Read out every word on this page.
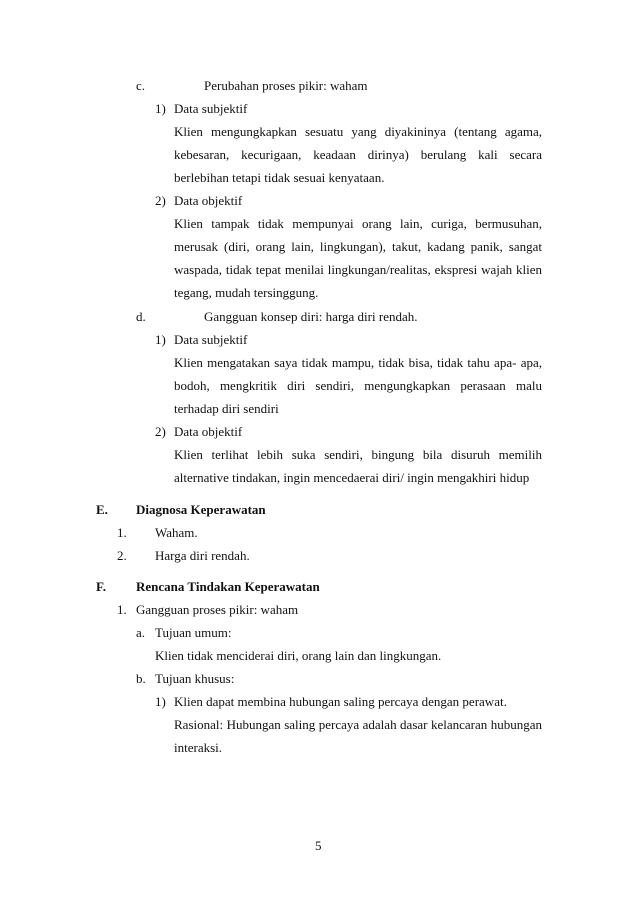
c.	Perubahan proses pikir: waham
1) Data subjektif
Klien mengungkapkan sesuatu yang diyakininya (tentang agama,
kebesaran, kecurigaan, keadaan dirinya) berulang kali secara
berlebihan tetapi tidak sesuai kenyataan.
2) Data objektif
Klien tampak tidak mempunyai orang lain, curiga, bermusuhan,
merusak (diri, orang lain, lingkungan), takut, kadang panik, sangat
waspada, tidak tepat menilai lingkungan/realitas, ekspresi wajah klien
tegang, mudah tersinggung.
d.	Gangguan konsep diri: harga diri rendah.
1) Data subjektif
Klien mengatakan saya tidak mampu, tidak bisa, tidak tahu apa- apa,
bodoh, mengkritik diri sendiri, mengungkapkan perasaan malu
terhadap diri sendiri
2) Data objektif
Klien terlihat lebih suka sendiri, bingung bila disuruh memilih
alternative tindakan, ingin mencedaerai diri/ ingin mengakhiri hidup
E. Diagnosa Keperawatan
1. Waham.
2. Harga diri rendah.
F. Rencana Tindakan Keperawatan
1. Gangguan proses pikir: waham
a. Tujuan umum:
Klien tidak menciderai diri, orang lain dan lingkungan.
b. Tujuan khusus:
1) Klien dapat membina hubungan saling percaya dengan perawat.
Rasional: Hubungan saling percaya adalah dasar kelancaran hubungan
interaksi.
5
